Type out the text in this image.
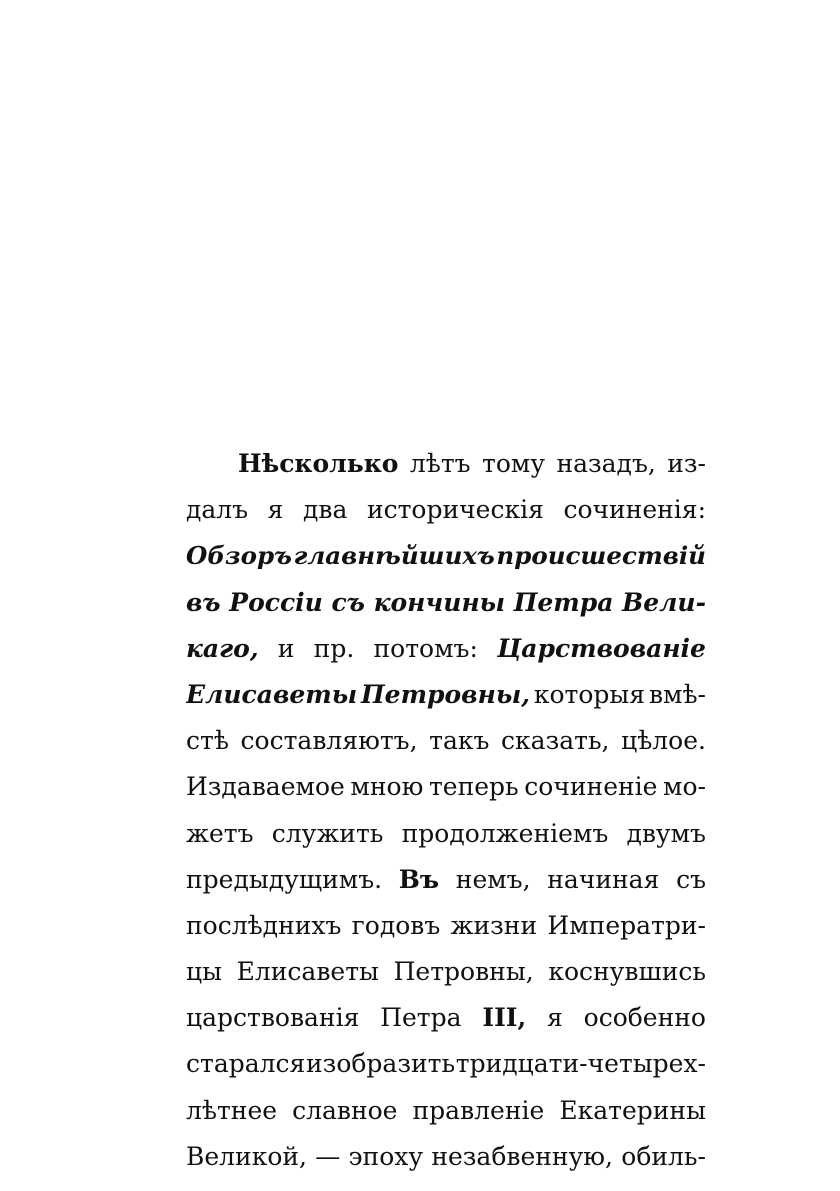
Нѣсколько лѣтъ тому назадъ, из-
далъ я два историческія сочиненія:
Обзоръ главнѣйшихъ происшествій
въ Россіи съ кончины Петра Вели-
каго, и пр. потомъ: Царствованіе
Елисаветы Петровны, которыя вмѣ-
стѣ составляютъ, такъ сказать, цѣлое.
Издаваемое мною теперь сочиненіе мо-
жетъ служить продолженіемъ двумъ
предыдущимъ. Въ немъ, начиная съ
послѣднихъ годовъ жизни Императри-
цы Елисаветы Петровны, коснувшись
царствованія Петра III, я особенно
старался изобразить тридцати-четырех-
лѣтнее славное правленіе Екатерины
Великой, — эпоху незабвенную, обиль-
